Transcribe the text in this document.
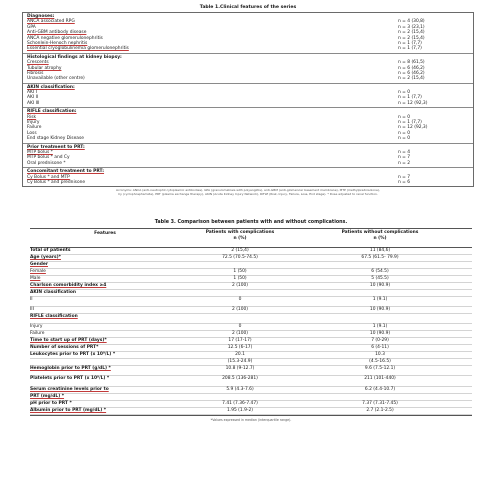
Table 1.Clinical features of the series
Diagnoses:
ANCA associated RPG	n = 4 (30,8)
GPA	n = 3 (23,1)
Anti-GBM antibody disease	n = 2 (15,4)
ANCA negative glomerulonephritis	n = 2 (15,4)
Schonlein-Henoch nephritis	n = 1 (7,7)
Essential cryoglobulinemia glomerulonephritis	n = 1 (7,7)
Histological findings at kidney biopsy:
Crescents	n = 8 (61,5)
Tubular atrophy	n = 6 (46,2)
Fibrosis	n = 6 (46,2)
Unavailable (other centre)	n = 2 (15,4)
AKIN classification:
AKI I	n = 0
AKI II	n = 1 (7,7)
AKI III	n = 12 (92,3)
RIFLE classification:
Risk	n = 0
Injury	n = 1 (7,7)
Failure	n = 12 (92,3)
Loss	n = 0
End stage Kidney Disease	n = 0
Prior treatment to PRT:
MTP bolus *	n = 4
MTP bolus * and Cy	n = 7
Oral prednisone *	n = 2
Concomitant treatment to PRT:
Cy Bolus * and MTP	n = 7
Cy Bolus * and prednisone	n = 6
Acronyms: ANCA (anti-neutrophil cytoplasmic antibodies), GPA (granulomatosis with polyangiitis), anti-GBM (anti-glomerular basement membrane), MTP (methylprednisolone),
Cy (cyclophosphamide), PRT (plasma exchange therapy), AKIN (Acute Kidney Injury Network), RIFLE (Risk, Injury, Failure, Loss, End stage). * Dose adjusted to renal function.
Table 3. Comparison between patients with and without complications.
Features	Patients with complications
n (%)
Patients without complications
n (%)
Total of patients	2 (15,4)	11 (84,6)
Age (years)*	72.5 (70.5-74.5)	67.5 (61.5- 79.9)
Gender
Female	1 (50)	6 (54.5)
Male	1 (50)	5 (45.5)
Charlson comorbidity index ≥4	2 (100)	10 (90.9)
AKIN classification
II	0	1 (9.1)
III	2 (100)	10 (90.9)
RIFLE classification
Injury	0	1 (9.1)
Failure	2 (100)	10 (90.9)
Time to start up of PRT (days)*	17 (17-17)	7 (0-29)
Number of sessions of PRT*	12.5 (6-17)	6 (4-11)
Leukocytes prior to PRT (x 10⁹/L) *	20.1	10.3
(15.3-24.9)	(4.5-16.5)
Hemoglobin prior to PRT (g/dL) *	10.8 (9-12.7)	9.6 (7.5-12.1)
Platelets prior to PRT (x 10⁹/L) *	208.5 (136-281)	211 (101-440)
Serum creatinine levels prior to	5.9 (4.3-7.6)	6.2 (4.4-10.7)
PRT (mg/dL) *
pH prior to PRT *	7.41 (7.36-7.47)	7.37 (7.31-7.45)
Albumin prior to PRT (mg/dL) *	1.95 (1.9-2)	2.7 (2.1-2.5)
*Values expressed in median (interquartile range).
